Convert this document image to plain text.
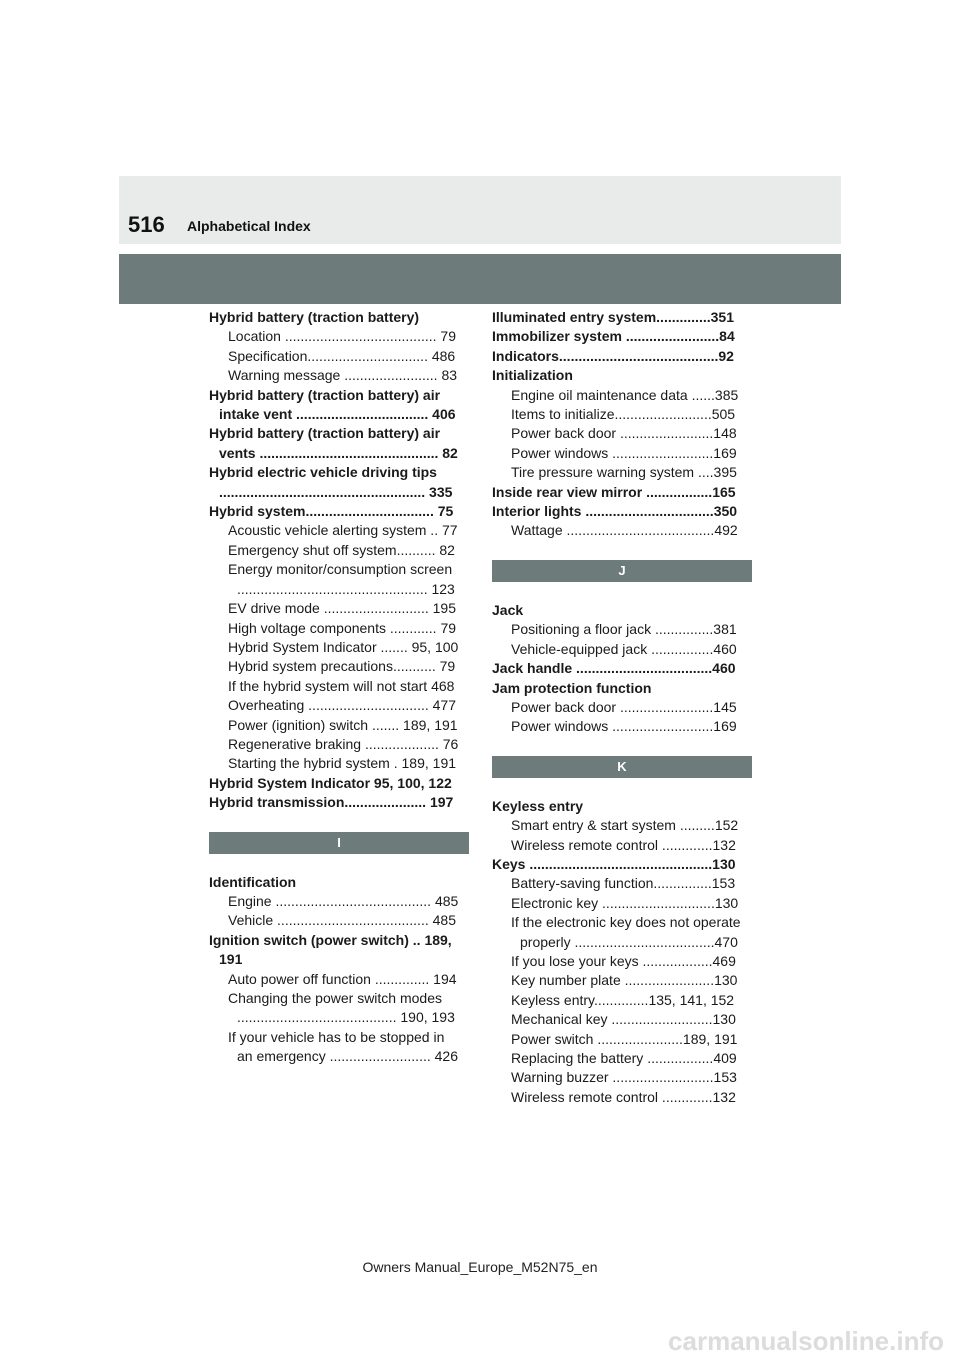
516 Alphabetical Index
Hybrid battery (traction battery)
Location ....................................... 79
Specification............................... 486
Warning message ........................ 83
Hybrid battery (traction battery) air
intake vent .................................. 406
Hybrid battery (traction battery) air
vents .............................................. 82
Hybrid electric vehicle driving tips
..................................................... 335
Hybrid system................................. 75
Acoustic vehicle alerting system .. 77
Emergency shut off system.......... 82
Energy monitor/consumption screen
................................................. 123
EV drive mode ........................... 195
High voltage components ............ 79
Hybrid System Indicator ....... 95, 100
Hybrid system precautions........... 79
If the hybrid system will not start 468
Overheating ............................... 477
Power (ignition) switch ....... 189, 191
Regenerative braking ................... 76
Starting the hybrid system . 189, 191
Hybrid System Indicator 95, 100, 122
Hybrid transmission..................... 197
I
Identification
Engine ........................................ 485
Vehicle ....................................... 485
Ignition switch (power switch) .. 189,
191
Auto power off function .............. 194
Changing the power switch modes
......................................... 190, 193
If your vehicle has to be stopped in
an emergency .......................... 426
Illuminated entry system..............351
Immobilizer system ........................84
Indicators.........................................92
Initialization
Engine oil maintenance data ......385
Items to initialize.........................505
Power back door ........................148
Power windows ..........................169
Tire pressure warning system ....395
Inside rear view mirror .................165
Interior lights .................................350
Wattage ......................................492
J
Jack
Positioning a floor jack ...............381
Vehicle-equipped jack ................460
Jack handle ...................................460
Jam protection function
Power back door ........................145
Power windows ..........................169
K
Keyless entry
Smart entry & start system .........152
Wireless remote control .............132
Keys ...............................................130
Battery-saving function...............153
Electronic key .............................130
If the electronic key does not operate
properly ....................................470
If you lose your keys ..................469
Key number plate .......................130
Keyless entry..............135, 141, 152
Mechanical key ..........................130
Power switch ......................189, 191
Replacing the battery .................409
Warning buzzer ..........................153
Wireless remote control .............132
Owners Manual_Europe_M52N75_en
carmanualsonline.info
